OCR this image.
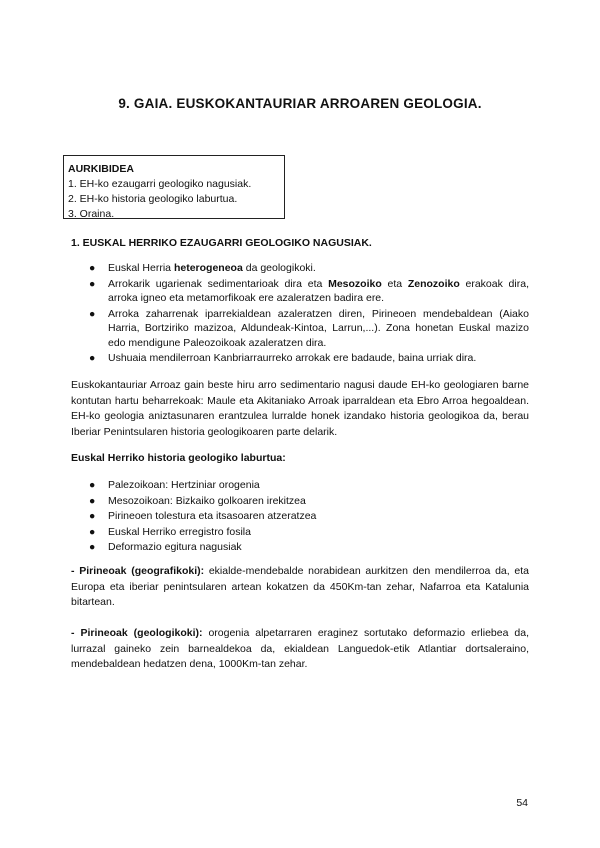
9. GAIA. EUSKOKANTAURIAR ARROAREN GEOLOGIA.
AURKIBIDEA
1. EH-ko ezaugarri geologiko nagusiak.
2. EH-ko historia geologiko laburtua.
3. Oraina.
1. EUSKAL HERRIKO EZAUGARRI GEOLOGIKO NAGUSIAK.
● Euskal Herria heterogeneoa da geologikoki.
● Arrokarik ugarienak sedimentarioak dira eta Mesozoiko eta Zenozoiko erakoak dira, arroka igneo eta metamorfikoak ere azaleratzen badira ere.
● Arroka zaharrenak iparrekialdean azaleratzen diren, Pirineoen mendebaldean (Aiako Harria, Bortziriko mazizoa, Aldundeak-Kintoa, Larrun,...). Zona honetan Euskal mazizo edo mendigune Paleozoikoak azaleratzen dira.
● Ushuaia mendilerroan Kanbriarraurreko arrokak ere badaude, baina urriak dira.

Euskokantauriar Arroaz gain beste hiru arro sedimentario nagusi daude EH-ko geologiaren barne kontutan hartu beharrekoak: Maule eta Akitaniako Arroak iparraldean eta Ebro Arroa hegoaldean. EH-ko geologia aniztasunaren erantzulea lurralde honek izandako historia geologikoa da, berau Iberiar Penintsularen historia geologikoaren parte delarik.

Euskal Herriko historia geologiko laburtua:
● Palezoikoan: Hertziniar orogenia
● Mesozoikoan: Bizkaiko golkoaren irekitzea
● Pirineoen tolestura eta itsasoaren atzeratzea
● Euskal Herriko erregistro fosila
● Deformazio egitura nagusiak

- Pirineoak (geografikoki): ekialde-mendebalde norabidean aurkitzen den mendilerroa da, eta Europa eta iberiar penintsularen artean kokatzen da 450Km-tan zehar, Nafarroa eta Katalunia bitartean.

- Pirineoak (geologikoki): orogenia alpetarraren eraginez sortutako deformazio erliebea da, lurrazal gaineko zein barnealdekoa da, ekialdean Languedok-etik Atlantiar dortsaleraino, mendebaldean hedatzen dena, 1000Km-tan zehar.

54
